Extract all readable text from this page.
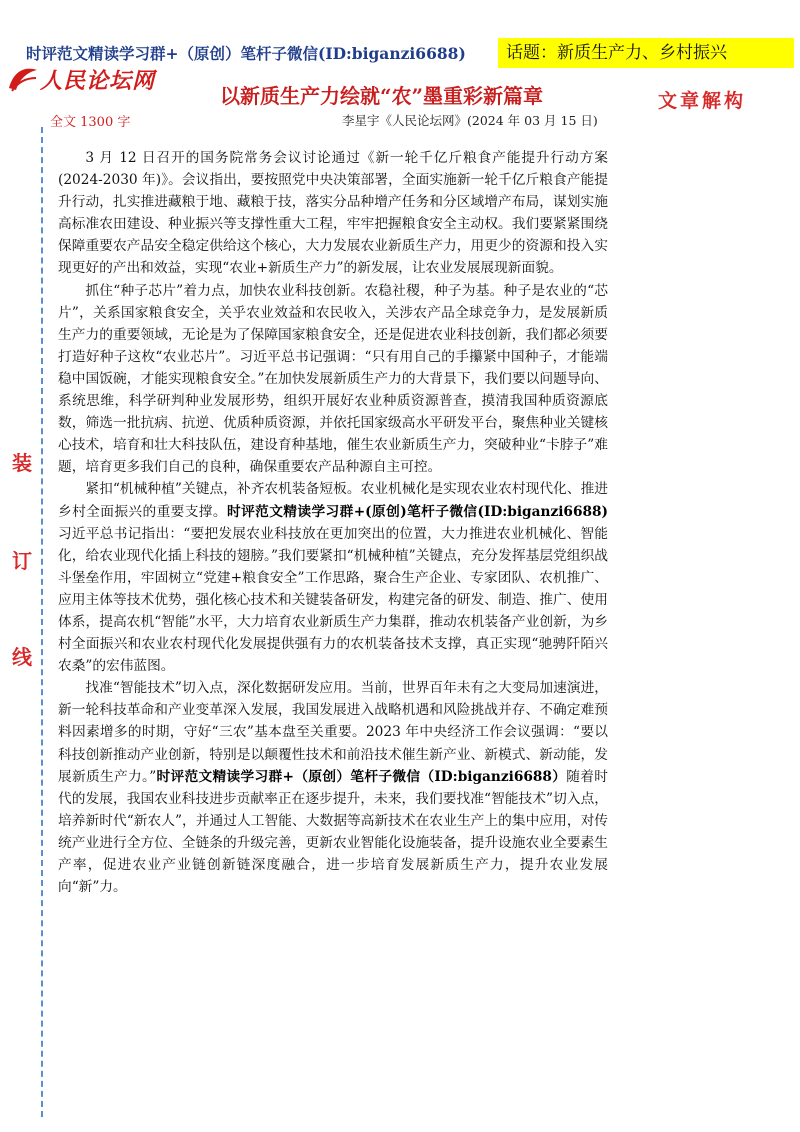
时评范文精读学习群+（原创）笔杆子微信(ID:biganzi6688)	话题：新质生产力、乡村振兴
人民论坛网
以新质生产力绘就“农”墨重彩新篇章	文章解构
全文 1300 字	李星宇《人民论坛网》(2024 年 03 月 15 日)
装
订
线

3 月 12 日召开的国务院常务会议讨论通过《新一轮千亿斤粮食产能提升行动方案(2024-2030 年)》。会议指出，要按照党中央决策部署，全面实施新一轮千亿斤粮食产能提升行动，扎实推进藏粮于地、藏粮于技，落实分品种增产任务和分区域增产布局，谋划实施高标准农田建设、种业振兴等支撑性重大工程，牢牢把握粮食安全主动权。我们要紧紧围绕保障重要农产品安全稳定供给这个核心，大力发展农业新质生产力，用更少的资源和投入实现更好的产出和效益，实现“农业+新质生产力”的新发展，让农业发展展现新面貌。

抓住“种子芯片”着力点，加快农业科技创新。农稳社稷，种子为基。种子是农业的“芯片”，关系国家粮食安全，关乎农业效益和农民收入，关涉农产品全球竞争力，是发展新质生产力的重要领域，无论是为了保障国家粮食安全，还是促进农业科技创新，我们都必须要打造好种子这枚“农业芯片”。习近平总书记强调：“只有用自己的手攥紧中国种子，才能端稳中国饭碗，才能实现粮食安全。”在加快发展新质生产力的大背景下，我们要以问题导向、系统思维，科学研判种业发展形势，组织开展好农业种质资源普查，摸清我国种质资源底数，筛选一批抗病、抗逆、优质种质资源，并依托国家级高水平研发平台，聚焦种业关键核心技术，培育和壮大科技队伍，建设育种基地，催生农业新质生产力，突破种业“卡脖子”难题，培育更多我们自己的良种，确保重要农产品种源自主可控。

紧扣“机械种植”关键点，补齐农机装备短板。农业机械化是实现农业农村现代化、推进乡村全面振兴的重要支撑。时评范文精读学习群+(原创)笔杆子微信(ID:biganzi6688)习近平总书记指出：“要把发展农业科技放在更加突出的位置，大力推进农业机械化、智能化，给农业现代化插上科技的翅膀。”我们要紧扣“机械种植”关键点，充分发挥基层党组织战斗堡垒作用，牢固树立“党建+粮食安全”工作思路，聚合生产企业、专家团队、农机推广、应用主体等技术优势，强化核心技术和关键装备研发，构建完备的研发、制造、推广、使用体系，提高农机“智能”水平，大力培育农业新质生产力集群，推动农机装备产业创新，为乡村全面振兴和农业农村现代化发展提供强有力的农机装备技术支撑，真正实现“驰骋阡陌兴农桑”的宏伟蓝图。

找准“智能技术”切入点，深化数据研发应用。当前，世界百年未有之大变局加速演进，新一轮科技革命和产业变革深入发展，我国发展进入战略机遇和风险挑战并存、不确定难预料因素增多的时期，守好“三农”基本盘至关重要。2023 年中央经济工作会议强调：“要以科技创新推动产业创新，特别是以颠覆性技术和前沿技术催生新产业、新模式、新动能，发展新质生产力。”时评范文精读学习群+（原创）笔杆子微信（ID:biganzi6688）随着时代的发展，我国农业科技进步贡献率正在逐步提升，未来，我们要找准“智能技术”切入点，培养新时代“新农人”，并通过人工智能、大数据等高新技术在农业生产上的集中应用，对传统产业进行全方位、全链条的升级完善，更新农业智能化设施装备，提升设施农业全要素生产率，促进农业产业链创新链深度融合，进一步培育发展新质生产力，提升农业发展向“新”力。
